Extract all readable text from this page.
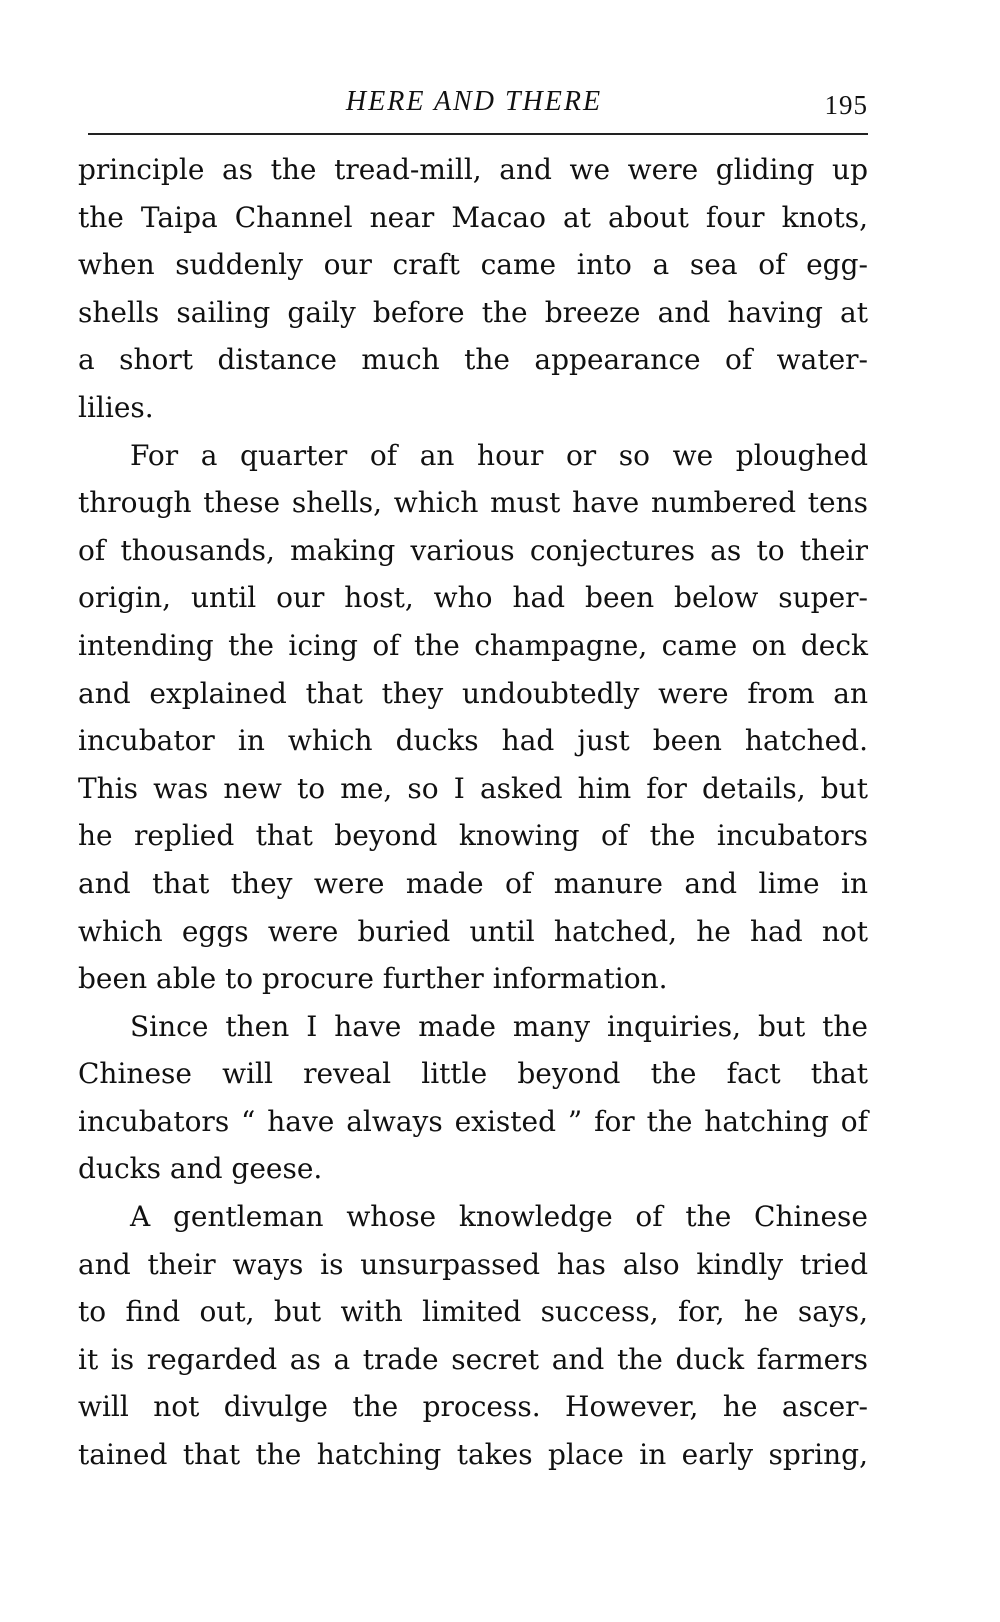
HERE AND THERE	195
principle as the tread-mill, and we were gliding up
the Taipa Channel near Macao at about four knots,
when suddenly our craft came into a sea of egg-
shells sailing gaily before the breeze and having at
a short distance much the appearance of water-
lilies.
For a quarter of an hour or so we ploughed
through these shells, which must have numbered tens
of thousands, making various conjectures as to their
origin, until our host, who had been below super-
intending the icing of the champagne, came on deck
and explained that they undoubtedly were from an
incubator in which ducks had just been hatched.
This was new to me, so I asked him for details, but
he replied that beyond knowing of the incubators
and that they were made of manure and lime in
which eggs were buried until hatched, he had not
been able to procure further information.
Since then I have made many inquiries, but the
Chinese will reveal little beyond the fact that
incubators “ have always existed ” for the hatching of
ducks and geese.
A gentleman whose knowledge of the Chinese
and their ways is unsurpassed has also kindly tried
to find out, but with limited success, for, he says,
it is regarded as a trade secret and the duck farmers
will not divulge the process. However, he ascer-
tained that the hatching takes place in early spring,
